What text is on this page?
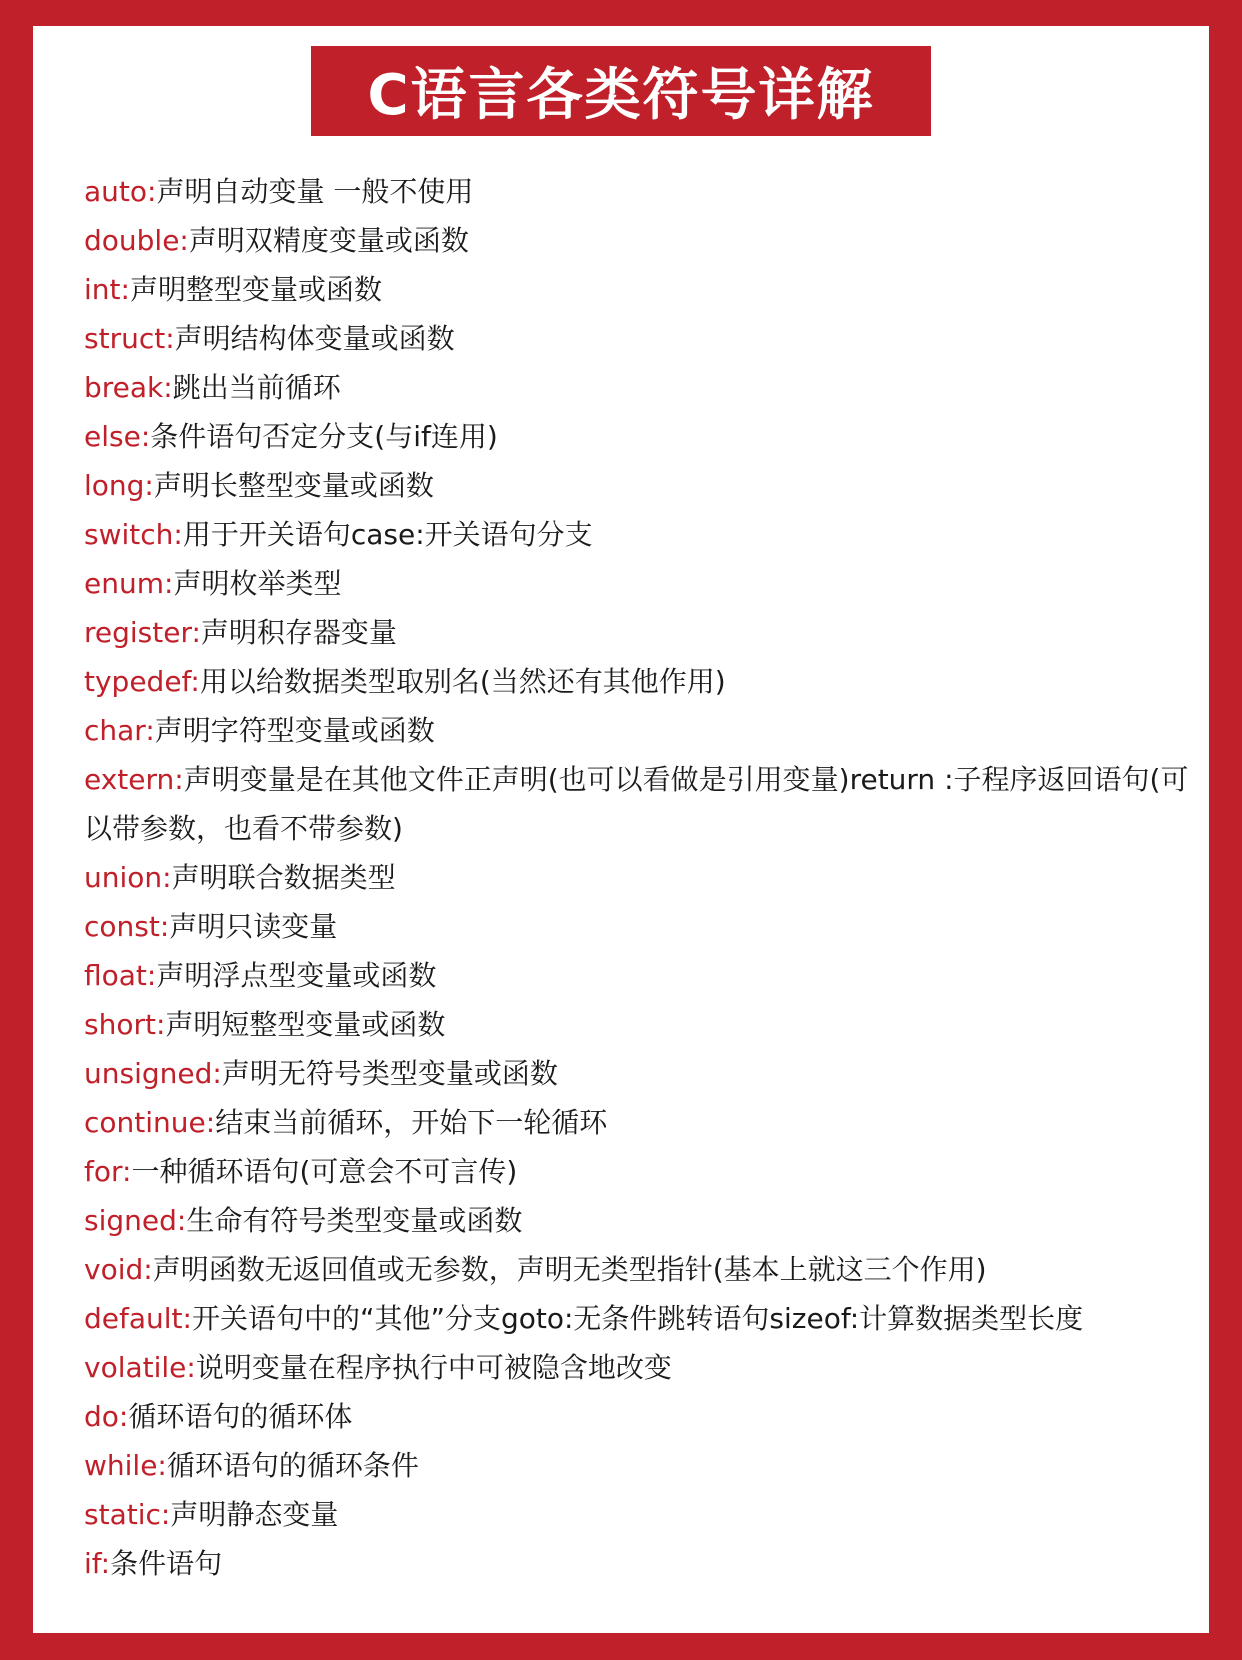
C语言各类符号详解
auto:声明自动变量 一般不使用
double:声明双精度变量或函数
int:声明整型变量或函数
struct:声明结构体变量或函数
break:跳出当前循环
else:条件语句否定分支(与if连用)
long:声明长整型变量或函数
switch:用于开关语句case:开关语句分支
enum:声明枚举类型
register:声明积存器变量
typedef:用以给数据类型取别名(当然还有其他作用)
char:声明字符型变量或函数
extern:声明变量是在其他文件正声明(也可以看做是引用变量)return :子程序返回语句(可以带参数，也看不带参数)
union:声明联合数据类型
const:声明只读变量
float:声明浮点型变量或函数
short:声明短整型变量或函数
unsigned:声明无符号类型变量或函数
continue:结束当前循环，开始下一轮循环
for:一种循环语句(可意会不可言传)
signed:生命有符号类型变量或函数
void:声明函数无返回值或无参数，声明无类型指针(基本上就这三个作用)
default:开关语句中的“其他”分支goto:无条件跳转语句sizeof:计算数据类型长度
volatile:说明变量在程序执行中可被隐含地改变
do:循环语句的循环体
while:循环语句的循环条件
static:声明静态变量
if:条件语句
